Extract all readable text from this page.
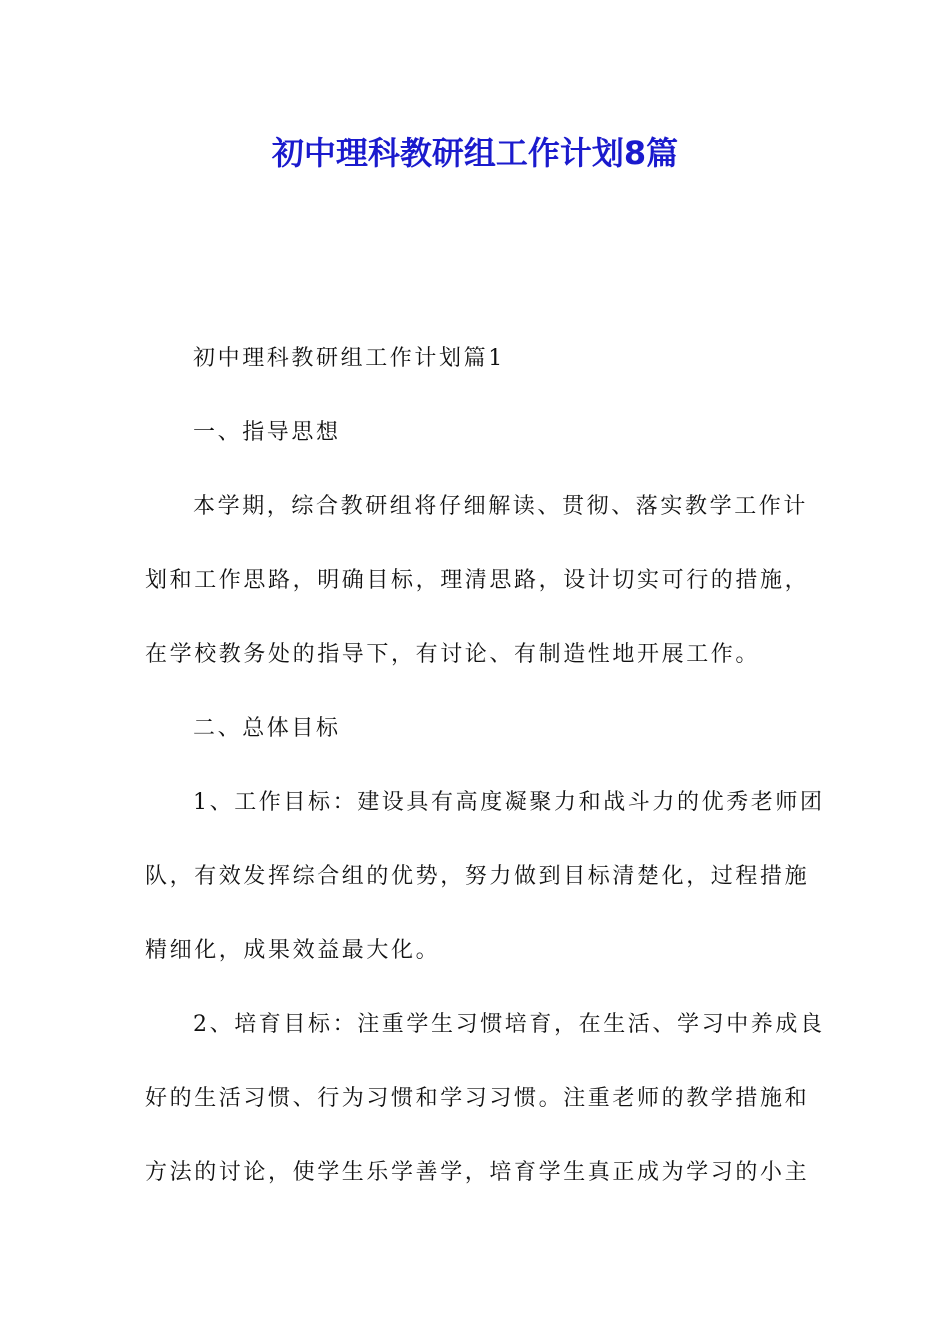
初中理科教研组工作计划8篇
初中理科教研组工作计划篇1
一、指导思想
本学期，综合教研组将仔细解读、贯彻、落实教学工作计
划和工作思路，明确目标，理清思路，设计切实可行的措施，
在学校教务处的指导下，有讨论、有制造性地开展工作。
二、总体目标
1、工作目标：建设具有高度凝聚力和战斗力的优秀老师团
队，有效发挥综合组的优势，努力做到目标清楚化，过程措施
精细化，成果效益最大化。
2、培育目标：注重学生习惯培育，在生活、学习中养成良
好的生活习惯、行为习惯和学习习惯。注重老师的教学措施和
方法的讨论，使学生乐学善学，培育学生真正成为学习的小主
